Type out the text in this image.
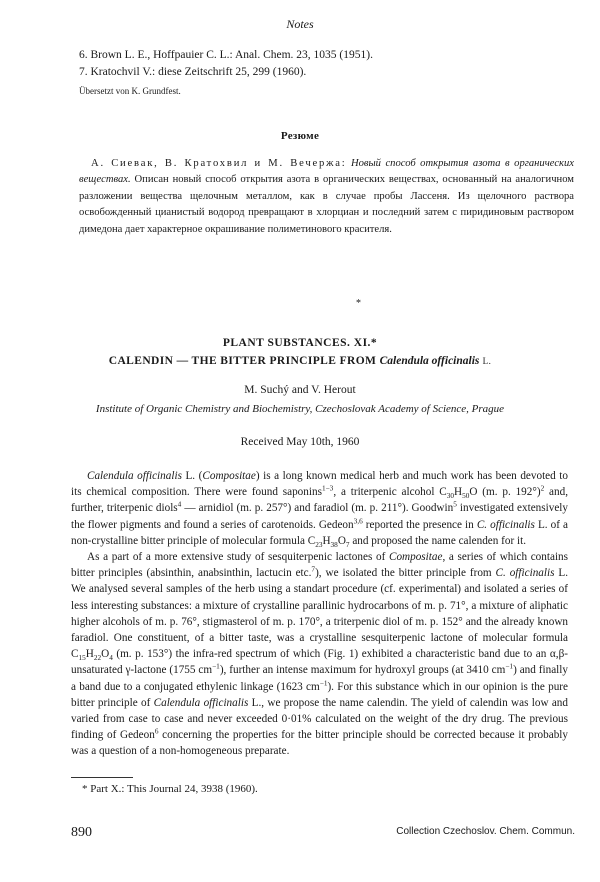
Notes

6. Brown L. E., Hoffpauier C. L.: Anal. Chem. 23, 1035 (1951).

7. Kratochvil V.: diese Zeitschrift 25, 299 (1960).

Übersetzt von K. Grundfest.
Резюме

А. Сиевак, В. Кратохвил и М. Вечержа: Новый способ открытия азота в органических веществах. Описан новый способ открытия азота в органических веществах, основанный на аналогичном разложении вещества щелочным металлом, как в случае пробы Лассеня. Из щелочного раствора освобожденный цианистый водород превращают в хлорциан и последний затем с пиридиновым раствором димедона дает характерное окрашивание полиметинового красителя.

*
PLANT SUBSTANCES. XI.*
CALENDIN — THE BITTER PRINCIPLE FROM Calendula officinalis L.
M. Suchý and V. Herout
Institute of Organic Chemistry and Biochemistry, Czechoslovak Academy of Science, Prague
Received May 10th, 1960

Calendula officinalis L. (Compositae) is a long known medical herb and much work has been devoted to its chemical composition. There were found saponins$^{1-3}$, a triterpenic alcohol $C_{30}H_{50}O$ (m. p. 192°)$^2$ and, further, triterpenic diols$^4$ — arnidiol (m. p. 257°) and faradiol (m. p. 211°). Goodwin$^5$ investigated extensively the flower pigments and found a series of carotenoids. Gedeon$^{3,6}$ reported the presence in C. officinalis L. of a non-crystalline bitter principle of molecular formula $C_{23}H_{38}O_7$ and proposed the name calenden for it.

As a part of a more extensive study of sesquiterpenic lactones of Compositae, a series of which contains bitter principles (absinthin, anabsinthin, lactucin etc.$^7$), we isolated the bitter principle from C. officinalis L. We analysed several samples of the herb using a standart procedure (cf. experimental) and isolated a series of less interesting substances: a mixture of crystalline parallinic hydrocarbons of m. p. 71°, a mixture of aliphatic higher alcohols of m. p. 76°, stigmasterol of m. p. 170°, a triterpenic diol of m. p. 152° and the already known faradiol. One constituent, of a bitter taste, was a crystalline sesquiterpenic lactone of molecular formula $C_{15}H_{22}O_4$ (m. p. 153°) the infra-red spectrum of which (Fig. 1) exhibited a characteristic band due to an α,β-unsaturated γ-lactone (1755 $cm^{-1}$), further an intense maximum for hydroxyl groups (at 3410 $cm^{-1}$) and finally a band due to a conjugated ethylenic linkage (1623 $cm^{-1}$). For this substance which in our opinion is the pure bitter principle of Calendula officinalis L., we propose the name calendin. The yield of calendin was low and varied from case to case and never exceeded 0·01% calculated on the weight of the dry drug. The previous finding of Gedeon$^6$ concerning the properties for the bitter principle should be corrected because it probably was a question of a non-homogeneous preparate.

* Part X.: This Journal 24, 3938 (1960).
890	Collection Czechoslov. Chem. Commun.
